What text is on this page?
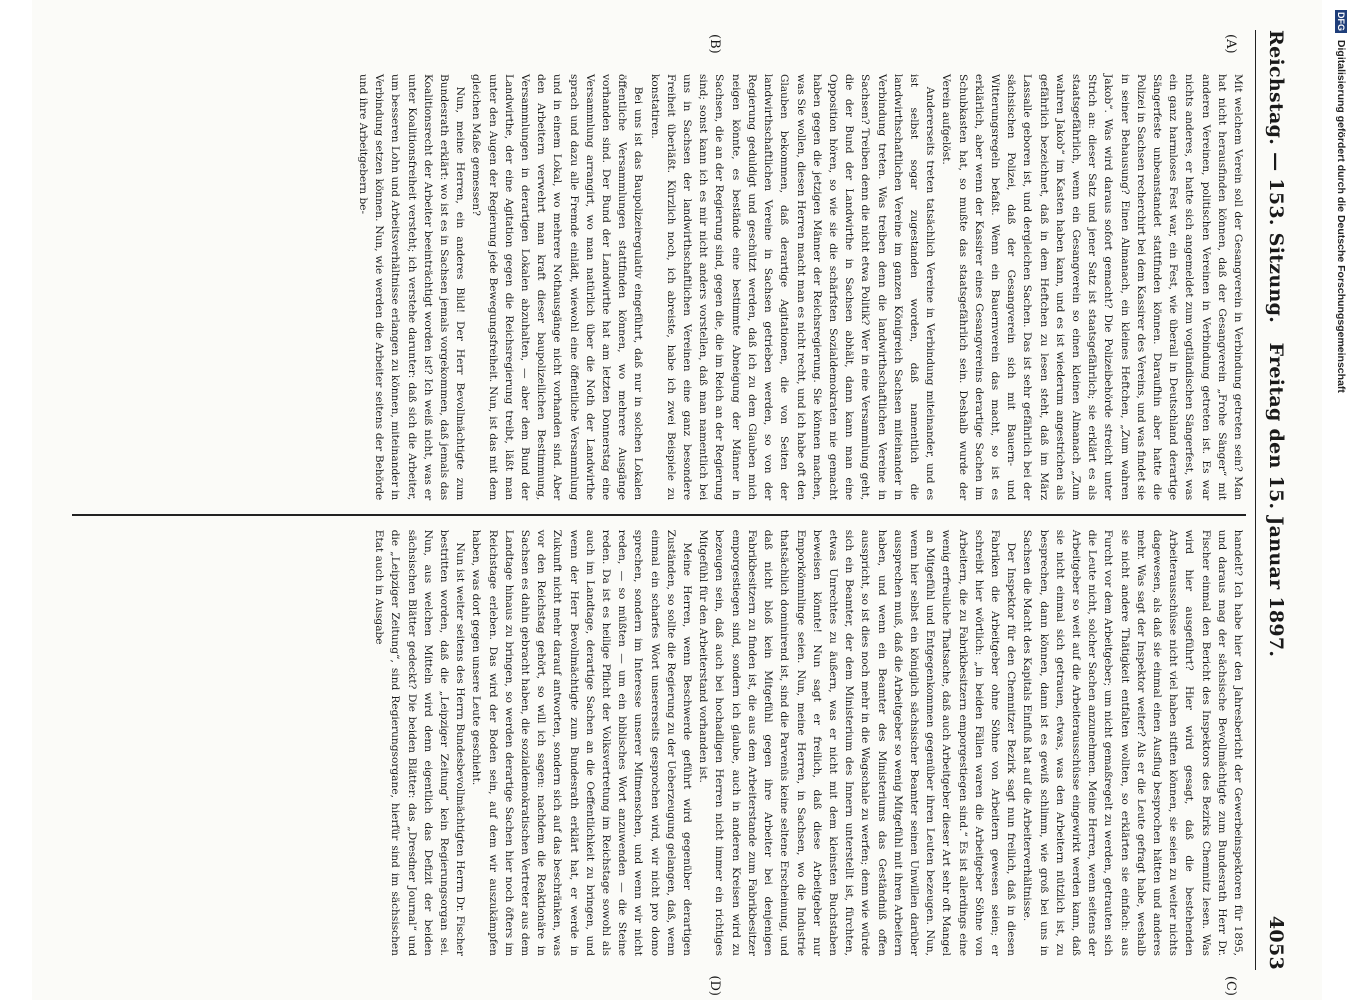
Reichstag. — 153. Sitzung.
Freitag den 15. Januar 1897.
4053
(A)
(B)
(C)
(D)

Mit welchem Verein soll der Gesangverein in Verbindung getreten sein? Man hat nicht herausfinden können, daß der Gesangverein „Frohe Sänger“ mit anderen Vereinen, politischen Vereinen in Verbindung getreten ist. Es war nichts anderes, er hatte sich angemeldet zum vogtländischen Sängerfest, was ein ganz harmloses Fest war, ein Fest, wie überall in Deutschland derartige Sängerfeste unbeanstandet stattfinden können. Daraufhin aber hatte die Polizei in Sachsen recherchirt bei dem Kassirer des Vereins, und was findet sie in seiner Behausung? Einen Almanach, ein kleines Heftchen, „Zum wahren Jakob“. Was wird daraus sofort gemacht? Die Polizeibehörde streicht unter Strich an: dieser Satz und jener Satz ist staatsgefährlich; sie erklärt es als staatsgefährlich, wenn ein Gesangverein so einen kleinen Almanach „Zum wahren Jakob“ im Kasten haben kann, und es ist wiederum angestrichen als gefährlich bezeichnet, daß in dem Heftchen zu lesen steht, daß im März Lassalle geboren ist, und dergleichen Sachen. Das ist sehr gefährlich bei der sächsischen Polizei, daß der Gesangverein sich mit Bauern- und Witterungsregeln befaßt. Wenn ein Bauernverein das macht, so ist es erklärlich, aber wenn der Kassirer eines Gesangvereins derartige Sachen im Schubkasten hat, so mußte das staatsgefährlich sein. Deshalb wurde der Verein aufgelöst.

Andererseits treten tatsächlich Vereine in Verbindung miteinander, und es ist selbst sogar zugestanden worden, daß namentlich die landwirthschaftlichen Vereine im ganzen Königreich Sachsen miteinander in Verbindung treten. Was treiben denn die landwirthschaftlichen Vereine in Sachsen? Treiben denn die nicht etwa Politik? Wer in eine Versammlung geht, die der Bund der Landwirthe in Sachsen abhält, dann kann man eine Opposition hören, so wie sie die schärfsten Sozialdemokraten nie gemacht haben gegen die jetzigen Männer der Reichsregierung. Sie können machen, was Sie wollen, diesen Herren macht man es nicht recht, und ich habe oft den Glauben bekommen, daß derartige Agitationen, die von Seiten der landwirthschaftlichen Vereine in Sachsen getrieben werden, so von der Regierung geduldigt und geschützt werden, daß ich zu dem Glauben mich neigen könnte, es bestände eine bestimmte Abneigung der Männer in Sachsen, die an der Regierung sind, gegen die, die im Reich an der Regierung sind; sonst kann ich es mir nicht anders vorstellen, daß man namentlich bei uns in Sachsen der landwirthschaftlichen Vereinen eine ganz besondere Freiheit überläßt. Kürzlich noch, ich abreiste, habe ich zwei Beispiele zu konstatiren.

Bei uns ist das Baupolizeiregulativ eingeführt, daß nur in solchen Lokalen öffentliche Versammlungen stattfinden können, wo mehrere Ausgänge vorhanden sind. Der Bund der Landwirthe hat am letzten Donnerstag eine Versammlung arrangirt, wo man natürlich über die Noth der Landwirthe sprach und dazu alle Fremde einlädt, wiewohl eine öffentliche Versammlung und in einem Lokal, wo mehrere Nothausgänge nicht vorhanden sind. Aber den Arbeitern verwehrt man kraft dieser baupolizeilichen Bestimmung, Versammlungen in derartigen Lokalen abzuhalten, — aber dem Bund der Landwirthe, der eine Agitation gegen die Reichsregierung treibt, läßt man unter den Augen der Regierung jede Bewegungsfreiheit. Nun, ist das mit dem gleichen Maße gemessen?

Nun, meine Herren, ein anderes Bild! Der Herr Bevollmächtigte zum Bundesrath erklärt: wo ist es in Sachsen jemals vorgekommen, daß jemals das Koalitionsrecht der Arbeiter beeinträchtigt worden ist? Ich weiß nicht, was er unter Koalitionsfreiheit versteht; ich verstehe darunter: daß sich die Arbeiter, um besseren Lohn und Arbeitsverhältnisse erlangen zu können, miteinander in Verbindung setzen können. Nun, wie werden die Arbeiter seitens der Behörde und ihre Arbeitgebern be-

handelt? Ich habe hier den Jahresbericht der Gewerbeinspektoren für 1895, und daraus mag der sächsische Bevollmächtigte zum Bundesrath Herr Dr. Fischer einmal den Bericht des Inspektors des Bezirks Chemnitz lesen. Was wird hier ausgeführt? Hier wird gesagt, daß die bestehenden Arbeiterausschüsse nicht viel haben stiften können, sie seien zu weiter nichts dagewesen, als daß sie einmal einen Ausflug besprochen hätten und anderes mehr. Was sagt der Inspektor weiter? Als er die Leute gefragt habe, weshalb sie nicht andere Thätigkeit entfalten wollten, so erklärten sie einfach: aus Furcht vor dem Arbeitgeber; um nicht gemaßregelt zu werden, getrauten sich die Leute nicht, solcher Sachen anzunehmen. Meine Herren, wenn seitens der Arbeitgeber so weit auf die Arbeiterausschüsse eingewirkt werden kann, daß sie nicht einmal sich getrauen, etwas, was den Arbeitern nützlich ist, zu besprechen, dann können, dann ist es gewiß schlimm, wie groß bei uns in Sachsen die Macht des Kapitals Einfluß hat auf die Arbeiterverhältnisse.

Der Inspektor für den Chemnitzer Bezirk sagt nun freilich, daß in diesen Fabriken die Arbeitgeber ohne Söhne von Arbeitern gewesen seien; er schreibt hier wörtlich: „in beiden Fällen waren die Arbeitgeber Söhne von Arbeitern, die zu Fabrikbesitzern emporgestiegen sind.“ Es ist allerdings eine wenig erfreuliche Thatsache, daß auch Arbeitgeber dieser Art sehr oft Mangel an Mitgefühl und Entgegenkommen gegenüber ihren Leuten bezeugen. Nun, wenn hier selbst ein königlich sächsischer Beamter seinen Unwillen darüber aussprechen muß, daß die Arbeitgeber so wenig Mitgefühl mit ihren Arbeitern haben, und wenn ein Beamter des Ministeriums das Geständniß offen ausspricht, so ist dies noch mehr in die Wagschale zu werfen; denn wie würde sich ein Beamter, der dem Ministerium des Innern unterstellt ist, fürchten, etwas Unrechtes zu äußern, was er nicht mit dem kleinsten Buchstaben beweisen könnte! Nun sagt er freilich, daß diese Arbeitgeber nur Emporkömmlinge seien. Nun, meine Herren, in Sachsen, wo die Industrie thatsächlich dominirend ist, sind die Parvenüs keine seltene Erscheinung, und daß nicht bloß kein Mitgefühl gegen ihre Arbeiter bei denjenigen Fabrikbesitzern zu finden ist, die aus dem Arbeiterstande zum Fabrikbesitzer emporgestiegen sind, sondern ich glaube, auch in anderen Kreisen wird zu bezeugen sein, daß auch bei hochadligen Herren nicht immer ein richtiges Mitgefühl für den Arbeiterstand vorhanden ist.

Meine Herren, wenn Beschwerde geführt wird gegenüber derartigen Zuständen, so sollte die Regierung zu der Ueberzeugung gelangen, daß, wenn einmal ein scharfes Wort unsererseits gesprochen wird, wir nicht pro domo sprechen, sondern im Interesse unserer Mitmenschen, und wenn wir nicht reden, — so müßten — um ein biblisches Wort anzuwenden — die Steine reden. Da ist es heilige Pflicht der Volksvertretung im Reichstage sowohl als auch im Landtage, derartige Sachen an die Oeffentlichkeit zu bringen, und wenn der Herr Bevollmächtigte zum Bundesrath erklärt hat, er werde in Zukunft nicht mehr darauf antworten, sondern sich auf das beschränken, was vor den Reichstag gehört, so will ich sagen: nachdem die Reaktionäre in Sachsen es dahin gebracht haben, die sozialdemokratischen Vertreter aus dem Landtage hinaus zu bringen, so werden derartige Sachen hier noch öfters im Reichstage erleben. Das wird der Boden sein, auf dem wir auszukämpfen haben, was dort gegen unsere Leute geschieht.

Nun ist weiter seitens des Herrn Bundesbevollmächtigten Herrn Dr. Fischer bestritten worden, daß die „Leipziger Zeitung“ kein Regierungsorgan sei. Nun, aus welchen Mitteln wird denn eigentlich das Defizit der beiden sächsischen Blätter gedeckt? Die beiden Blätter: das „Dresdner Journal“ und die „Leipziger Zeitung“, sind Regierungsorgane, hierfür sind im sächsischen Etat auch in Ausgabe

DFG Digitalisierung gefördert durch die Deutsche Forschungsgemeinschaft
